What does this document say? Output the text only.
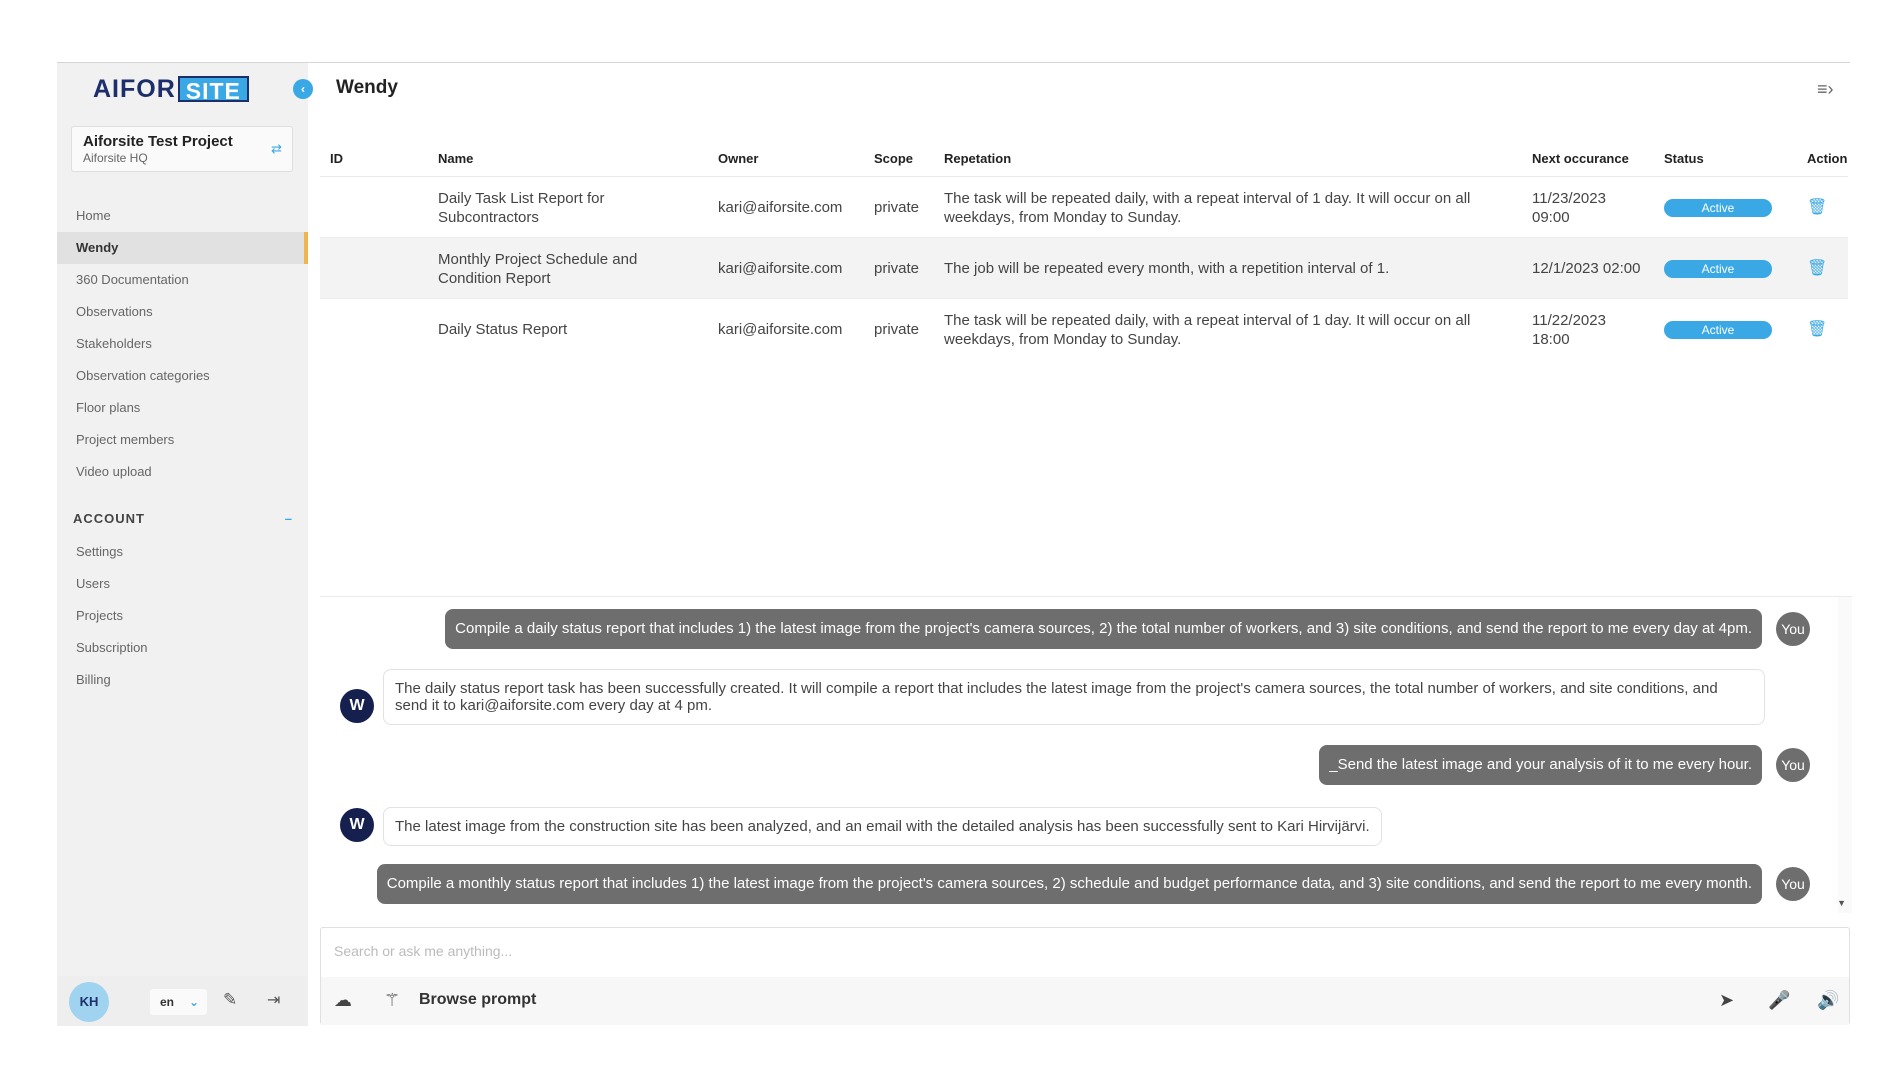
AIFOR SITE	‹
Aiforsite Test Project
Aiforsite HQ
⇄
Home
Wendy
360 Documentation
Observations
Stakeholders
Observation categories
Floor plans
Project members
Video upload
ACCOUNT	–
Settings
Users
Projects
Subscription
Billing
KH	en ⌄ ✎ ⇥
Wendy	≡›
ID	Name	Owner	Scope Repetation	Next occurance	Status	Action
Daily Task List Report for Subcontractors
kari@aiforsite.com private
The task will be repeated daily, with a repeat interval of 1 day. It will occur on all weekdays, from Monday to Sunday.
11/23/2023 09:00
Active	🗑
Monthly Project Schedule and Condition Report
kari@aiforsite.com private The job will be repeated every month, with a repetition interval of 1.	12/1/2023 02:00	Active	🗑
Daily Status Report	kari@aiforsite.com private
The task will be repeated daily, with a repeat interval of 1 day. It will occur on all weekdays, from Monday to Sunday.
11/22/2023 18:00
Active	🗑
▼
Compile a daily status report that includes 1) the latest image from the project's camera sources, 2) the total number of workers, and 3) site conditions, and send the report to me every day at 4pm.	You
W
The daily status report task has been successfully created. It will compile a report that includes the latest image from the project's camera sources, the total number of workers, and site conditions, and send it to kari@aiforsite.com every day at 4 pm.
_Send the latest image and your analysis of it to me every hour.	You
W	The latest image from the construction site has been analyzed, and an email with the detailed analysis has been successfully sent to Kari Hirvijärvi.
Compile a monthly status report that includes 1) the latest image from the project's camera sources, 2) schedule and budget performance data, and 3) site conditions, and send the report to me every month.	You
Search or ask me anything...
☁ ⚚ Browse prompt	➤ 🎤 🔊
